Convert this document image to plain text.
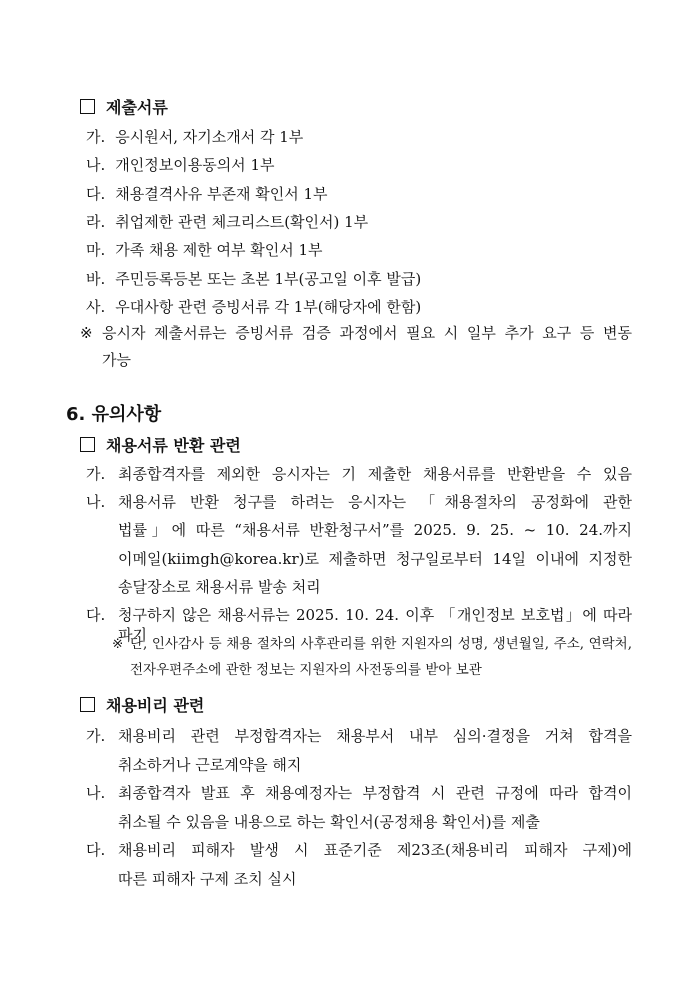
제출서류
가. 응시원서, 자기소개서 각 1부
나. 개인정보이용동의서 1부
다. 채용결격사유 부존재 확인서 1부
라. 취업제한 관련 체크리스트(확인서) 1부
마. 가족 채용 제한 여부 확인서 1부
바. 주민등록등본 또는 초본 1부(공고일 이후 발급)
사. 우대사항 관련 증빙서류 각 1부(해당자에 한함)
※ 응시자 제출서류는 증빙서류 검증 과정에서 필요 시 일부 추가 요구 등 변동
가능
6. 유의사항
채용서류 반환 관련
가. 최종합격자를 제외한 응시자는 기 제출한 채용서류를 반환받을 수 있음
나. 채용서류 반환 청구를 하려는 응시자는 「채용절차의 공정화에 관한
법률」에 따른 “채용서류 반환청구서”를 2025. 9. 25. ~ 10. 24.까지
이메일(kiimgh@korea.kr)로 제출하면 청구일로부터 14일 이내에 지정한
송달장소로 채용서류 발송 처리
다. 청구하지 않은 채용서류는 2025. 10. 24. 이후 「개인정보 보호법」에 따라 파기
※ 단, 인사감사 등 채용 절차의 사후관리를 위한 지원자의 성명, 생년월일, 주소, 연락처,
전자우편주소에 관한 정보는 지원자의 사전동의를 받아 보관
채용비리 관련
가. 채용비리 관련 부정합격자는 채용부서 내부 심의·결정을 거쳐 합격을
취소하거나 근로계약을 해지
나. 최종합격자 발표 후 채용예정자는 부정합격 시 관련 규정에 따라 합격이
취소될 수 있음을 내용으로 하는 확인서(공정채용 확인서)를 제출
다. 채용비리 피해자 발생 시 표준기준 제23조(채용비리 피해자 구제)에
따른 피해자 구제 조치 실시
